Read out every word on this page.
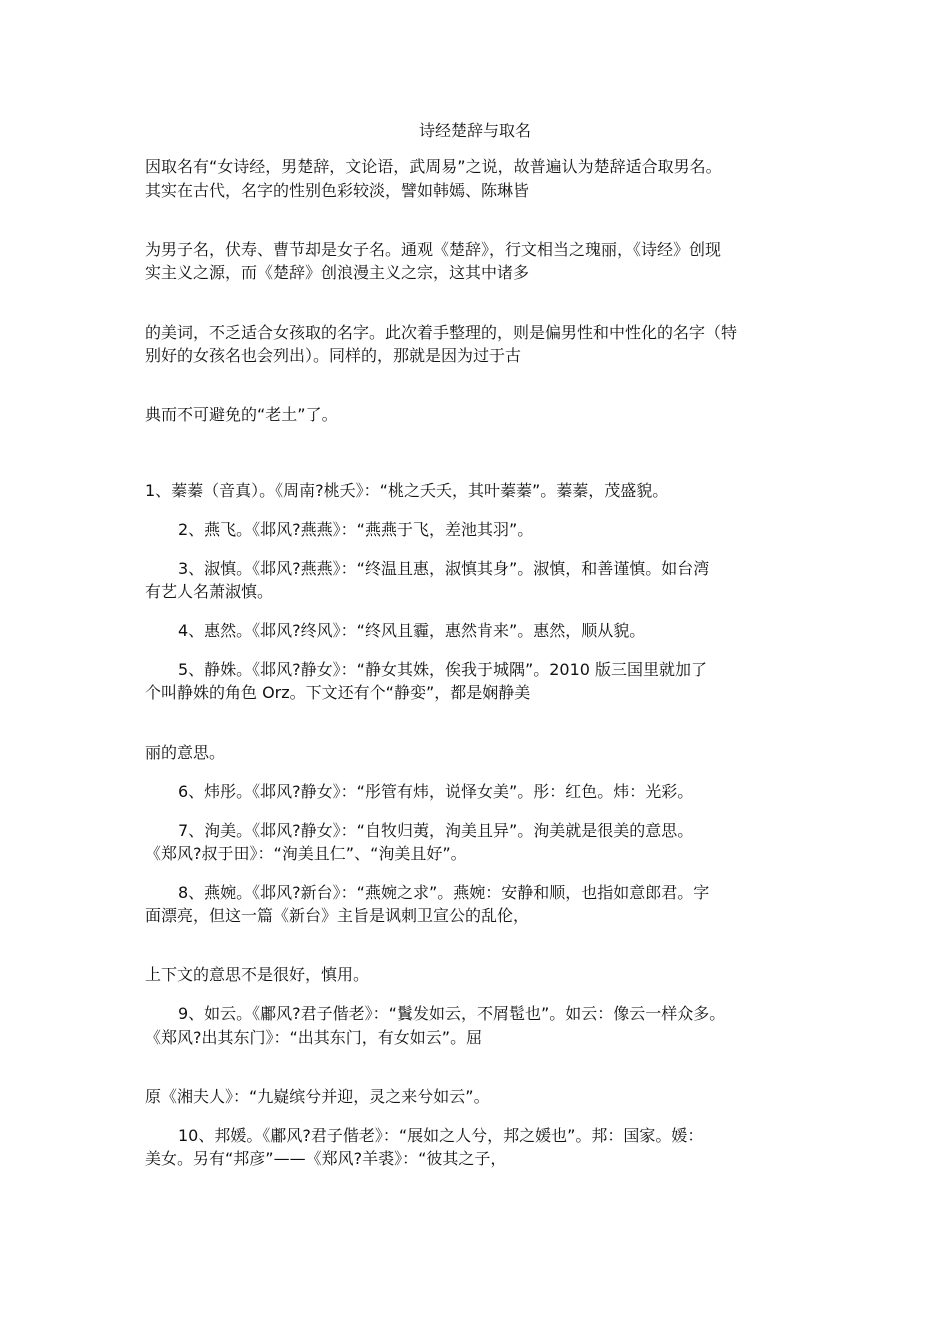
诗经楚辞与取名
因取名有“女诗经，男楚辞，文论语，武周易”之说，故普遍认为楚辞适合取男名。
其实在古代，名字的性别色彩较淡，譬如韩嫣、陈琳皆
为男子名，伏寿、曹节却是女子名。通观《楚辞》，行文相当之瑰丽，《诗经》创现
实主义之源，而《楚辞》创浪漫主义之宗，这其中诸多
的美词，不乏适合女孩取的名字。此次着手整理的，则是偏男性和中性化的名字（特
别好的女孩名也会列出）。同样的，那就是因为过于古
典而不可避免的“老土”了。
1、蓁蓁（音真）。《周南?桃夭》：“桃之夭夭，其叶蓁蓁”。蓁蓁，茂盛貌。
2、燕飞。《邶风?燕燕》：“燕燕于飞，差池其羽”。
3、淑慎。《邶风?燕燕》：“终温且惠，淑慎其身”。淑慎，和善谨慎。如台湾
有艺人名萧淑慎。
4、惠然。《邶风?终风》：“终风且霾，惠然肯来”。惠然，顺从貌。
5、静姝。《邶风?静女》：“静女其姝，俟我于城隅”。2010 版三国里就加了
个叫静姝的角色 Orz。下文还有个“静娈”，都是娴静美
丽的意思。
6、炜彤。《邶风?静女》：“彤管有炜，说怿女美”。彤：红色。炜：光彩。
7、洵美。《邶风?静女》：“自牧归荑，洵美且异”。洵美就是很美的意思。
《郑风?叔于田》：“洵美且仁”、“洵美且好”。
8、燕婉。《邶风?新台》：“燕婉之求”。燕婉：安静和顺，也指如意郎君。字
面漂亮，但这一篇《新台》主旨是讽刺卫宣公的乱伦，
上下文的意思不是很好，慎用。
9、如云。《鄘风?君子偕老》：“鬒发如云，不屑髢也”。如云：像云一样众多。
《郑风?出其东门》：“出其东门，有女如云”。屈
原《湘夫人》：“九嶷缤兮并迎，灵之来兮如云”。
10、邦媛。《鄘风?君子偕老》：“展如之人兮，邦之媛也”。邦：国家。媛：
美女。另有“邦彦”——《郑风?羊裘》：“彼其之子，
